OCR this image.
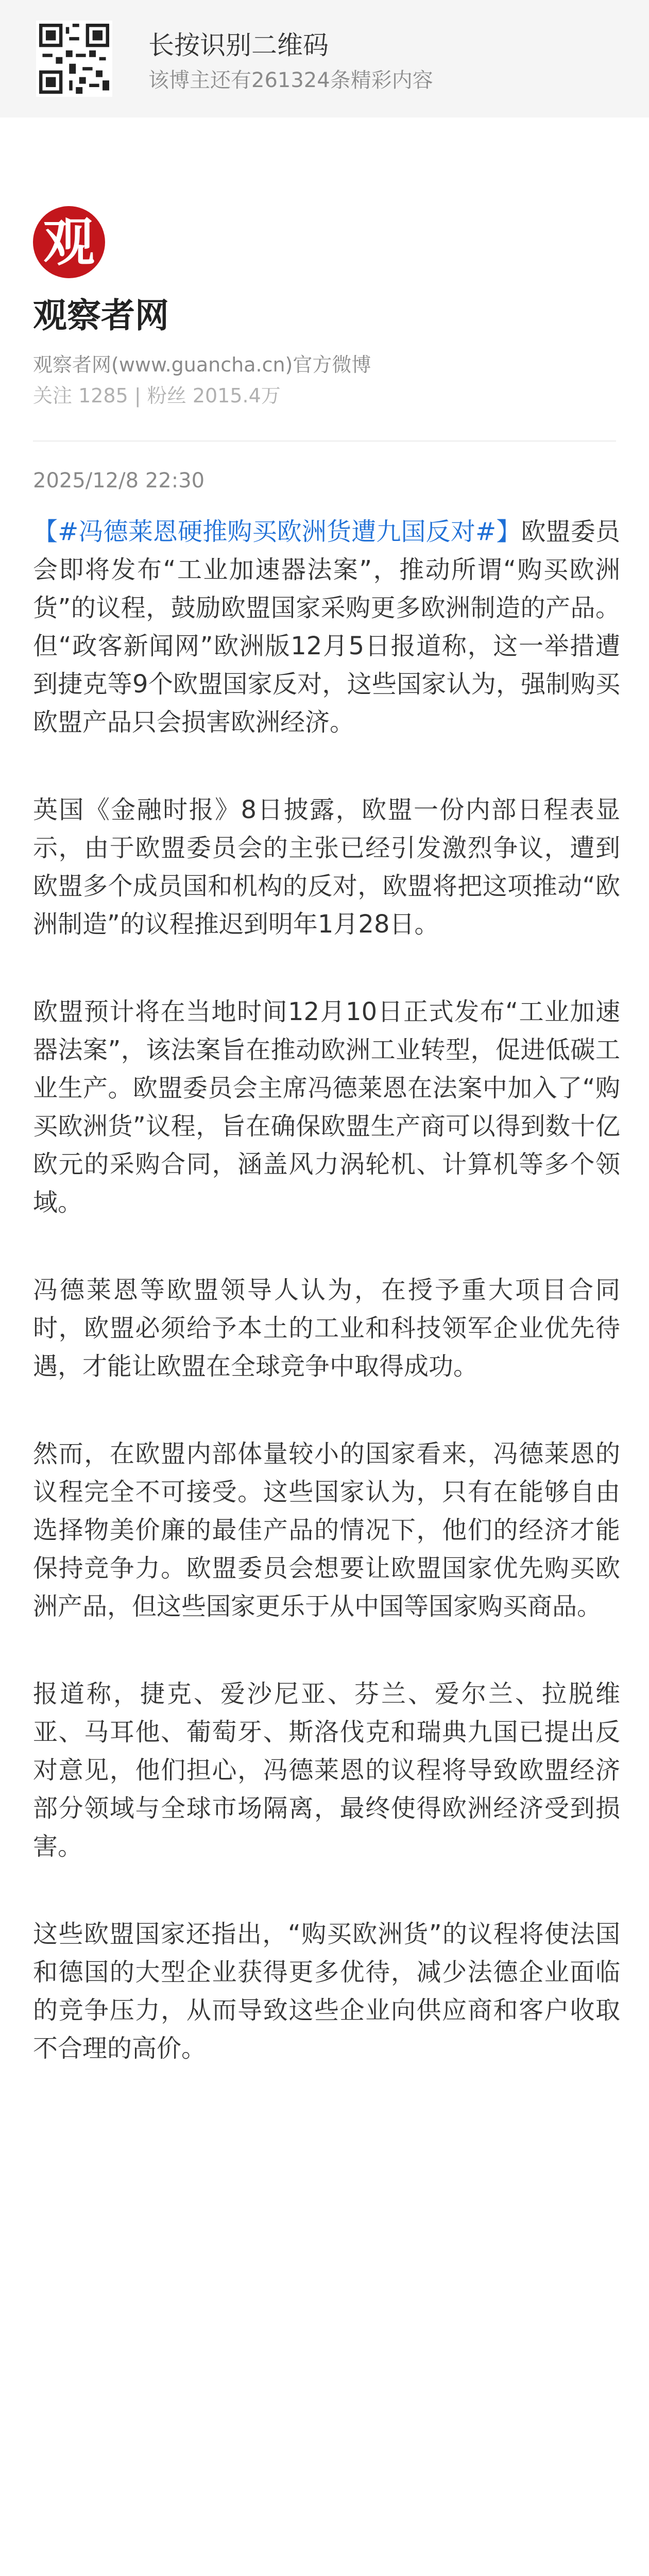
长按识别二维码
该博主还有261324条精彩内容
观
观察者网
观察者网(www.guancha.cn)官方微博
关注 1285 | 粉丝 2015.4万
2025/12/8 22:30

【#冯德莱恩硬推购买欧洲货遭九国反对#】欧盟委员会即将发布“工业加速器法案”，推动所谓“购买欧洲货”的议程，鼓励欧盟国家采购更多欧洲制造的产品。但“政客新闻网”欧洲版12月5日报道称，这一举措遭到捷克等9个欧盟国家反对，这些国家认为，强制购买欧盟产品只会损害欧洲经济。

英国《金融时报》8日披露，欧盟一份内部日程表显示，由于欧盟委员会的主张已经引发激烈争议，遭到欧盟多个成员国和机构的反对，欧盟将把这项推动“欧洲制造”的议程推迟到明年1月28日。

欧盟预计将在当地时间12月10日正式发布“工业加速器法案”，该法案旨在推动欧洲工业转型，促进低碳工业生产。欧盟委员会主席冯德莱恩在法案中加入了“购买欧洲货”议程，旨在确保欧盟生产商可以得到数十亿欧元的采购合同，涵盖风力涡轮机、计算机等多个领域。

冯德莱恩等欧盟领导人认为，在授予重大项目合同时，欧盟必须给予本土的工业和科技领军企业优先待遇，才能让欧盟在全球竞争中取得成功。

然而，在欧盟内部体量较小的国家看来，冯德莱恩的议程完全不可接受。这些国家认为，只有在能够自由选择物美价廉的最佳产品的情况下，他们的经济才能保持竞争力。欧盟委员会想要让欧盟国家优先购买欧洲产品，但这些国家更乐于从中国等国家购买商品。

报道称，捷克、爱沙尼亚、芬兰、爱尔兰、拉脱维亚、马耳他、葡萄牙、斯洛伐克和瑞典九国已提出反对意见，他们担心，冯德莱恩的议程将导致欧盟经济部分领域与全球市场隔离，最终使得欧洲经济受到损害。

这些欧盟国家还指出，“购买欧洲货”的议程将使法国和德国的大型企业获得更多优待，减少法德企业面临的竞争压力，从而导致这些企业向供应商和客户收取不合理的高价。
